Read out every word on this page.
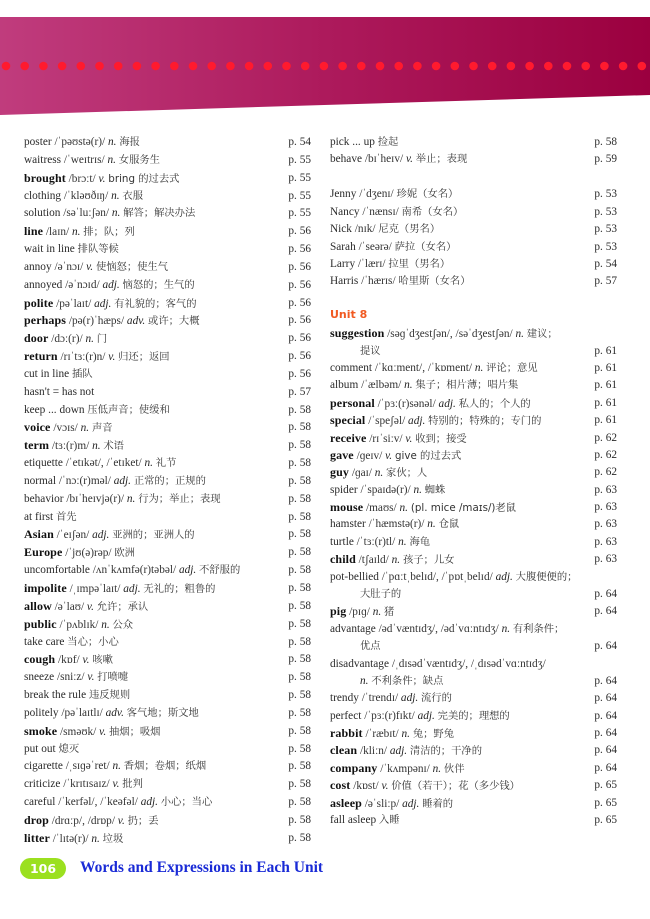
poster /ˈpəʊstə(r)/ n. 海报	p. 54
waitress /ˈweɪtrɪs/ n. 女服务生	p. 55
brought /brɔːt/ v. bring 的过去式	p. 55
clothing /ˈkləʊðɪŋ/ n. 衣服	p. 55
solution /səˈluːʃən/ n. 解答；解决办法	p. 55
line /laɪn/ n. 排；队；列	p. 56
wait in line 排队等候	p. 56
annoy /əˈnɔɪ/ v. 使恼怒；使生气	p. 56
annoyed /əˈnɔɪd/ adj. 恼怒的；生气的	p. 56
polite /pəˈlaɪt/ adj. 有礼貌的；客气的	p. 56
perhaps /pə(r)ˈhæps/ adv. 或许；大概	p. 56
door /dɔː(r)/ n. 门	p. 56
return /rɪˈtɜː(r)n/ v. 归还；返回	p. 56
cut in line 插队	p. 56
hasn't = has not	p. 57
keep ... down 压低声音；使缓和	p. 58
voice /vɔɪs/ n. 声音	p. 58
term /tɜː(r)m/ n. 术语	p. 58
etiquette /ˈetɪkət/, /ˈetɪket/ n. 礼节	p. 58
normal /ˈnɔː(r)məl/ adj. 正常的；正规的	p. 58
behavior /bɪˈheɪvjə(r)/ n. 行为；举止；表现	p. 58
at first 首先	p. 58
Asian /ˈeɪʃən/ adj. 亚洲的；亚洲人的	p. 58
Europe /ˈjʊ(ə)rəp/ 欧洲	p. 58
uncomfortable /ʌnˈkʌmfə(r)təbəl/ adj. 不舒服的	p. 58
impolite /ˌɪmpəˈlaɪt/ adj. 无礼的；粗鲁的	p. 58
allow /əˈlaʊ/ v. 允许；承认	p. 58
public /ˈpʌblɪk/ n. 公众	p. 58
take care 当心；小心	p. 58
cough /kɒf/ v. 咳嗽	p. 58
sneeze /sniːz/ v. 打喷嚏	p. 58
break the rule 违反规则	p. 58
politely /pəˈlaɪtlɪ/ adv. 客气地；斯文地	p. 58
smoke /sməʊk/ v. 抽烟；吸烟	p. 58
put out 熄灭	p. 58
cigarette /ˌsɪɡəˈret/ n. 香烟；卷烟；纸烟	p. 58
criticize /ˈkrɪtɪsaɪz/ v. 批判	p. 58
careful /ˈkerfəl/, /ˈkeəfəl/ adj. 小心；当心	p. 58
drop /drɑːp/, /drɒp/ v. 扔；丢	p. 58
litter /ˈlɪtə(r)/ n. 垃圾	p. 58
pick ... up 捡起	p. 58
behave /bɪˈheɪv/ v. 举止；表现	p. 59
Jenny /ˈdʒenɪ/ 珍妮（女名）	p. 53
Nancy /ˈnænsɪ/ 南希（女名）	p. 53
Nick /nɪk/ 尼克（男名）	p. 53
Sarah /ˈseərə/ 萨拉（女名）	p. 53
Larry /ˈlærɪ/ 拉里（男名）	p. 54
Harris /ˈhærɪs/ 哈里斯（女名）	p. 57
suggestion /səɡˈdʒestʃən/, /səˈdʒestʃən/ n. 建议；
提议	p. 61
comment /ˈkɑːment/, /ˈkɒment/ n. 评论；意见	p. 61
album /ˈælbəm/ n. 集子；相片薄；唱片集	p. 61
personal /ˈpɜː(r)sənəl/ adj. 私人的；个人的	p. 61
special /ˈspeʃəl/ adj. 特别的；特殊的；专门的	p. 61
receive /rɪˈsiːv/ v. 收到；接受	p. 62
gave /ɡeɪv/ v. give 的过去式	p. 62
guy /ɡaɪ/ n. 家伙；人	p. 62
spider /ˈspaɪdə(r)/ n. 蜘蛛	p. 63
mouse /maʊs/ n. (pl. mice /maɪs/)老鼠	p. 63
hamster /ˈhæmstə(r)/ n. 仓鼠	p. 63
turtle /ˈtɜː(r)tl/ n. 海龟	p. 63
child /tʃaɪld/ n. 孩子；儿女	p. 63
pot-bellied /ˈpɑːtˌbelɪd/, /ˈpɒtˌbelɪd/ adj. 大腹便便的；
大肚子的	p. 64
pig /pɪɡ/ n. 猪	p. 64
advantage /ədˈvæntɪdʒ/, /ədˈvɑːntɪdʒ/ n. 有利条件；
优点	p. 64
disadvantage /ˌdɪsədˈvæntɪdʒ/, /ˌdɪsədˈvɑːntɪdʒ/
n. 不利条件；缺点	p. 64
trendy /ˈtrendɪ/ adj. 流行的	p. 64
perfect /ˈpɜː(r)fɪkt/ adj. 完美的；理想的	p. 64
rabbit /ˈræbɪt/ n. 兔；野兔	p. 64
clean /kliːn/ adj. 清洁的；干净的	p. 64
company /ˈkʌmpənɪ/ n. 伙伴	p. 64
cost /kɒst/ v. 价值（若干）；花（多少钱）	p. 65
asleep /əˈsliːp/ adj. 睡着的	p. 65
fall asleep 入睡	p. 65
Unit 8
106	Words and Expressions in Each Unit
